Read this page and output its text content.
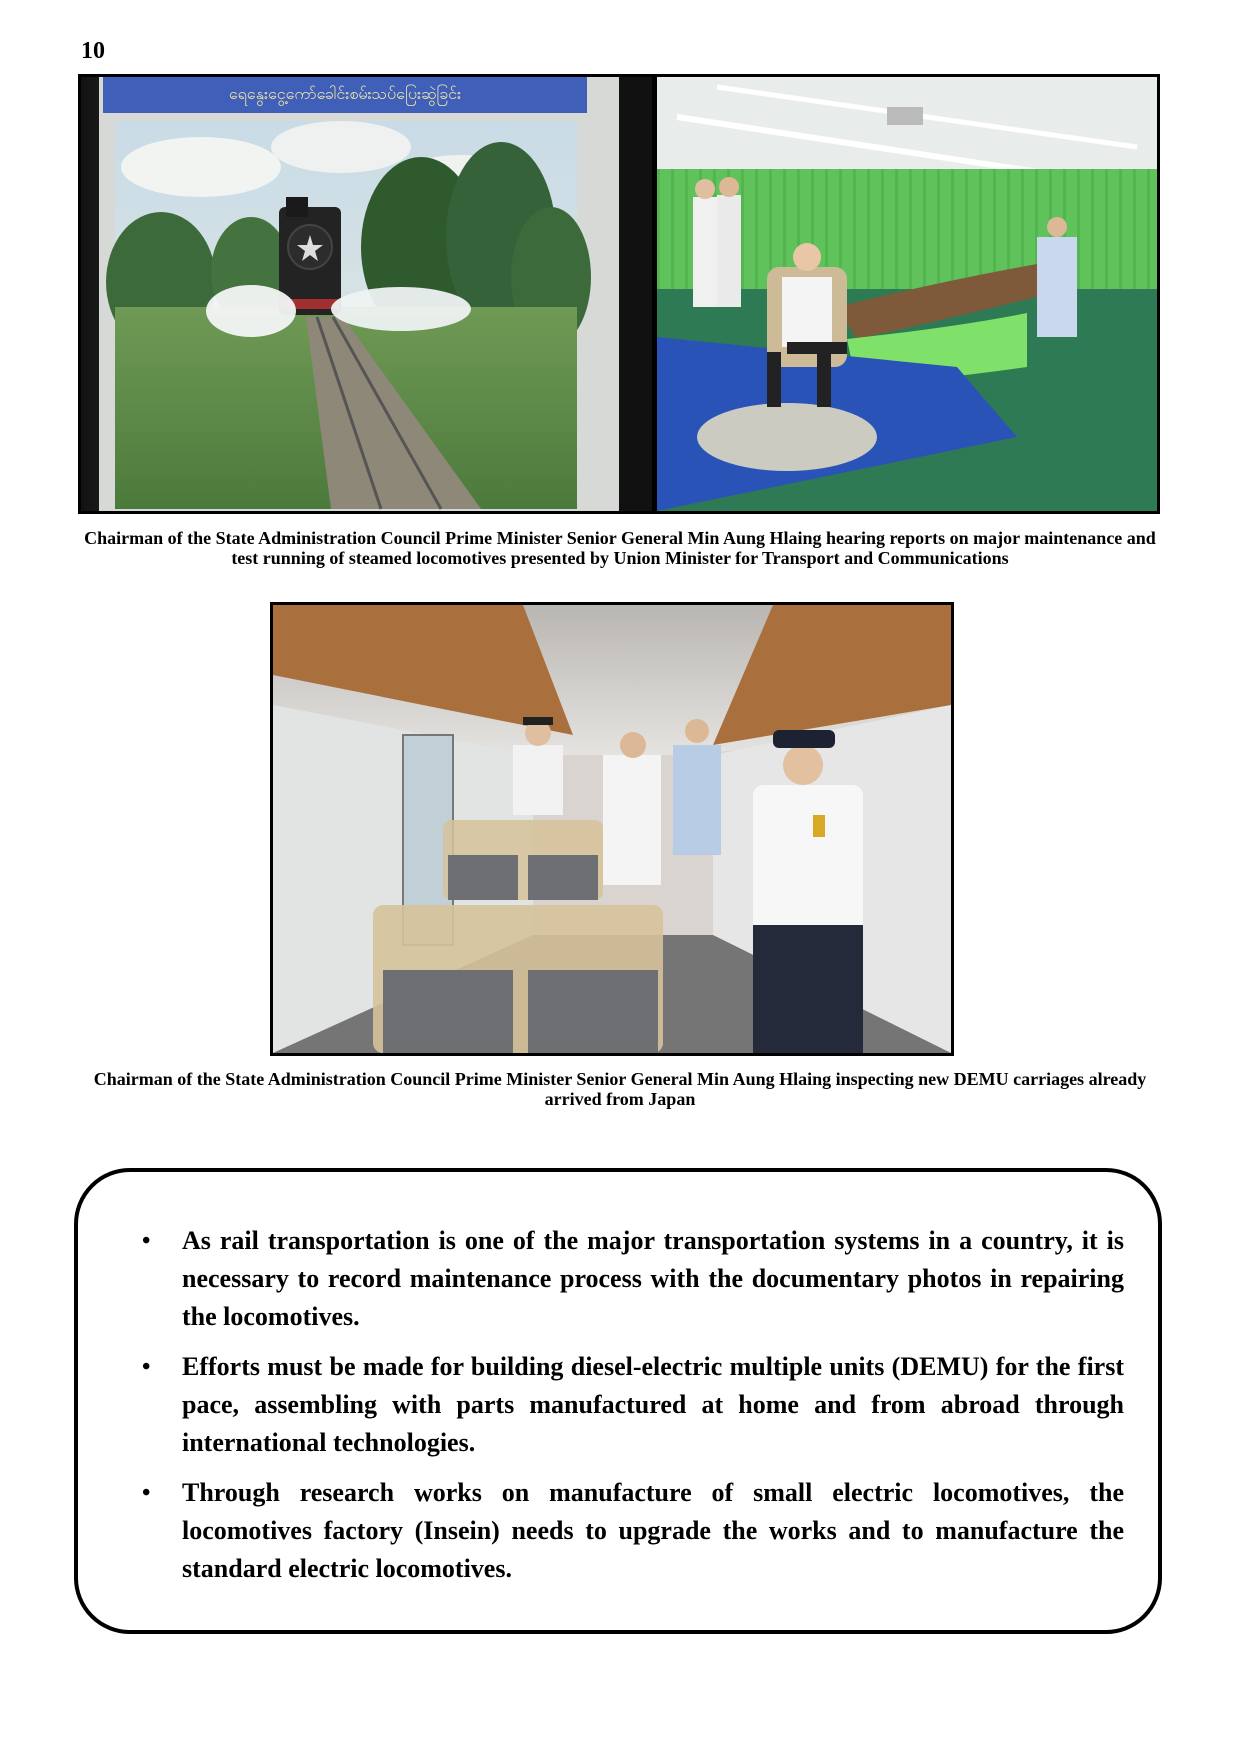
10
ရေနွေးငွေ့ကော်ခေါင်းစမ်းသပ်ပြေးဆွဲခြင်း
Chairman of the State Administration Council Prime Minister Senior General Min Aung Hlaing hearing reports on major maintenance and test running of steamed locomotives presented by Union Minister for Transport and Communications
Chairman of the State Administration Council Prime Minister Senior General Min Aung Hlaing inspecting new DEMU carriages already arrived from Japan
• As rail transportation is one of the major transportation systems in a country, it is necessary to record maintenance process with the documentary photos in repairing the locomotives.
• Efforts must be made for building diesel-electric multiple units (DEMU) for the first pace, assembling with parts manufactured at home and from abroad through international technologies.
• Through research works on manufacture of small electric locomotives, the locomotives factory (Insein) needs to upgrade the works and to manufacture the standard electric locomotives.
